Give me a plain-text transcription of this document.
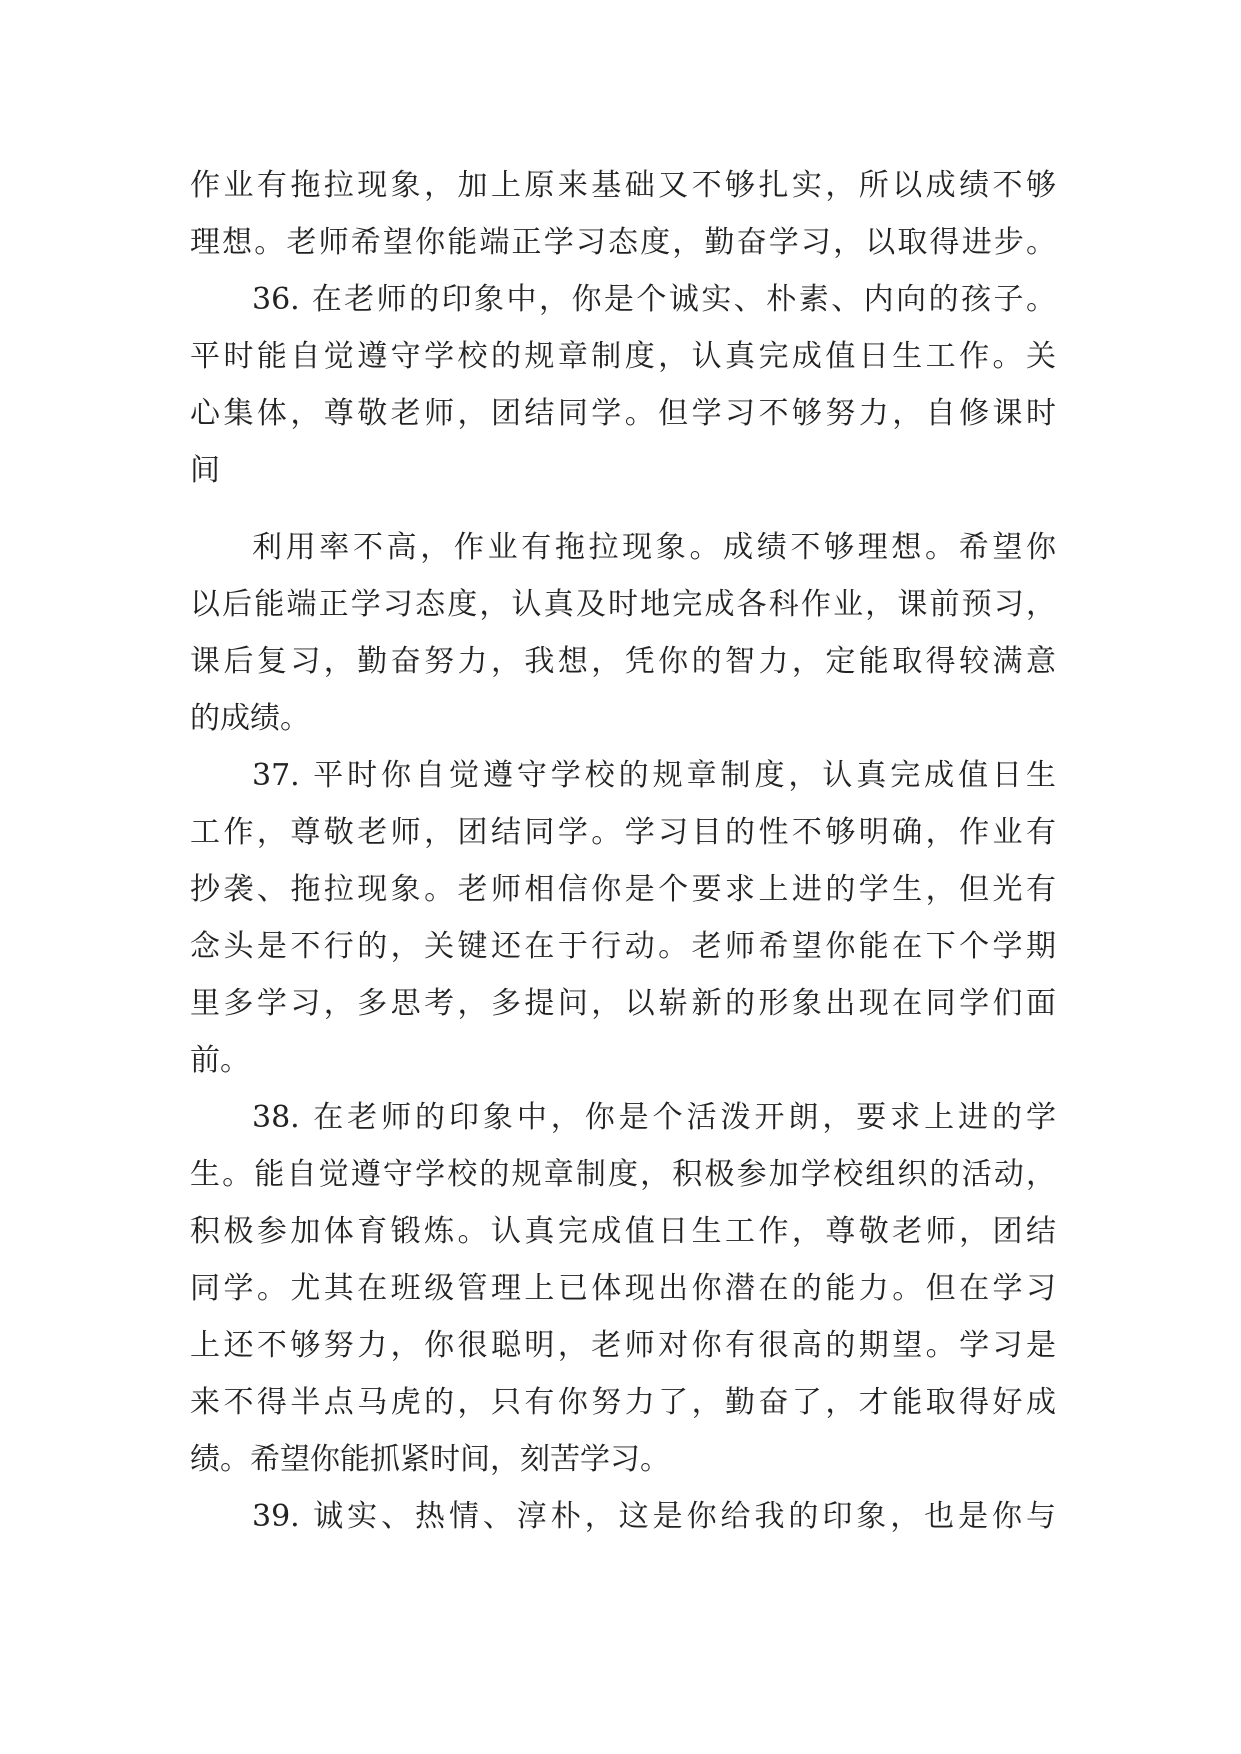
作业有拖拉现象，加上原来基础又不够扎实，所以成绩不够
理想。老师希望你能端正学习态度，勤奋学习，以取得进步。
36. 在老师的印象中，你是个诚实、朴素、内向的孩子。
平时能自觉遵守学校的规章制度，认真完成值日生工作。关
心集体，尊敬老师，团结同学。但学习不够努力，自修课时
间
利用率不高，作业有拖拉现象。成绩不够理想。希望你
以后能端正学习态度，认真及时地完成各科作业，课前预习，
课后复习，勤奋努力，我想，凭你的智力，定能取得较满意
的成绩。
37. 平时你自觉遵守学校的规章制度，认真完成值日生
工作，尊敬老师，团结同学。学习目的性不够明确，作业有
抄袭、拖拉现象。老师相信你是个要求上进的学生，但光有
念头是不行的，关键还在于行动。老师希望你能在下个学期
里多学习，多思考，多提问，以崭新的形象出现在同学们面
前。
38. 在老师的印象中，你是个活泼开朗，要求上进的学
生。能自觉遵守学校的规章制度，积极参加学校组织的活动，
积极参加体育锻炼。认真完成值日生工作，尊敬老师，团结
同学。尤其在班级管理上已体现出你潜在的能力。但在学习
上还不够努力，你很聪明，老师对你有很高的期望。学习是
来不得半点马虎的，只有你努力了，勤奋了，才能取得好成
绩。希望你能抓紧时间，刻苦学习。
39. 诚实、热情、淳朴，这是你给我的印象，也是你与
